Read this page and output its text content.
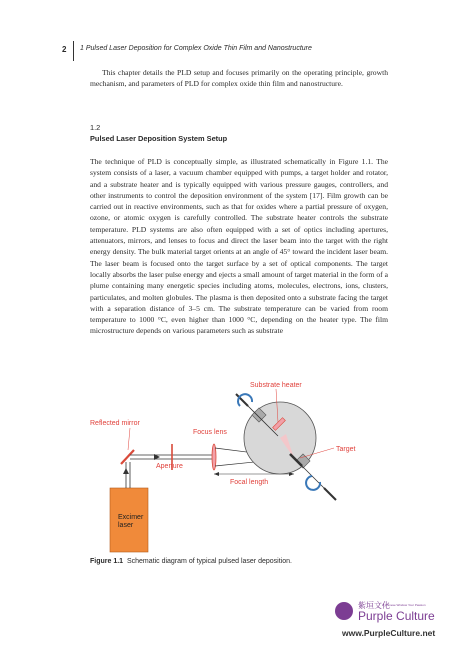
2 1 Pulsed Laser Deposition for Complex Oxide Thin Film and Nanostructure

This chapter details the PLD setup and focuses primarily on the operating principle, growth mechanism, and parameters of PLD for complex oxide thin film and nanostructure.

1.2
Pulsed Laser Deposition System Setup

The technique of PLD is conceptually simple, as illustrated schematically in Figure 1.1. The system consists of a laser, a vacuum chamber equipped with pumps, a target holder and rotator, and a substrate heater and is typically equipped with various pressure gauges, controllers, and other instruments to control the deposition environment of the system [17]. Film growth can be carried out in reactive environments, such as that for oxides where a partial pressure of oxygen, ozone, or atomic oxygen is carefully controlled. The substrate heater controls the substrate temperature. PLD systems are also often equipped with a set of optics including apertures, attenuators, mirrors, and lenses to focus and direct the laser beam into the target with the right energy density. The bulk material target orients at an angle of 45° toward the incident laser beam. The laser beam is focused onto the target surface by a set of optical components. The target locally absorbs the laser pulse energy and ejects a small amount of target material in the form of a plume containing many energetic species including atoms, molecules, electrons, ions, clusters, particulates, and molten globules. The plasma is then deposited onto a substrate facing the target with a separation distance of 3–5 cm. The substrate temperature can be varied from room temperature to 1000 °C, even higher than 1000 °C, depending on the heater type. The film microstructure depends on various parameters such as substrate

Excimer
laser
Reflected mirror
Aperture
Focus lens
Focal length
Substrate heater
Target
Figure 1.1 Schematic diagram of typical pulsed laser deposition.
紫垣文化
A Chinese Window Your Passion
Purple Culture
www.PurpleCulture.net
